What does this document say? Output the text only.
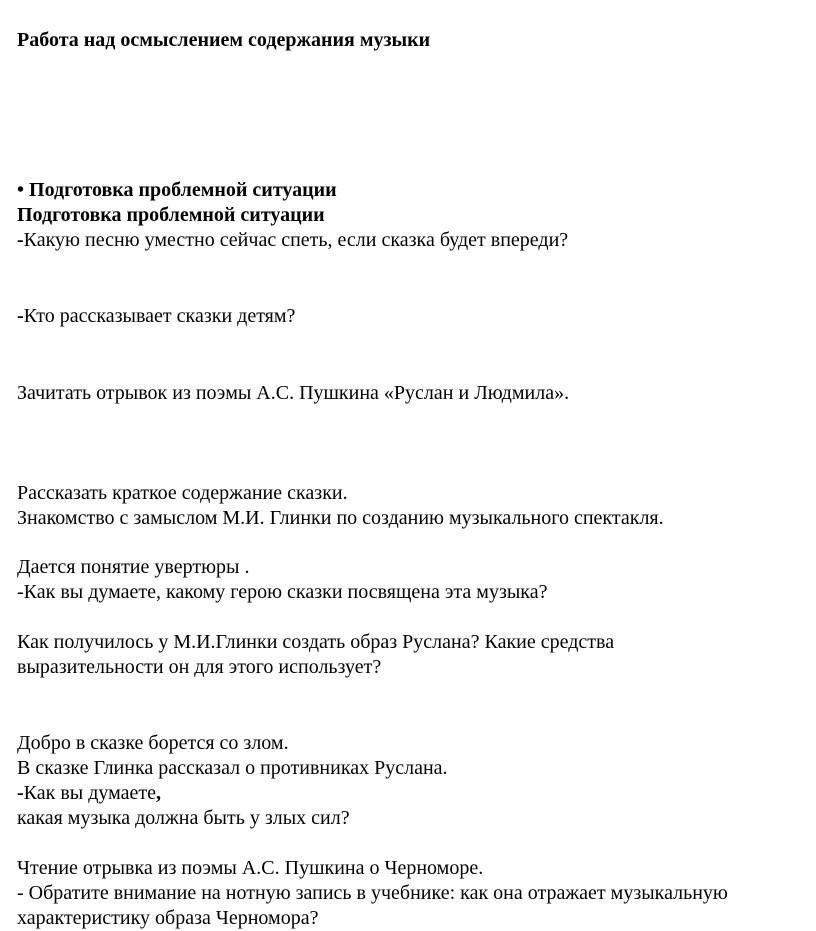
Работа над осмыслением содержания музыки
• Подготовка проблемной ситуации
Подготовка проблемной ситуации
-Какую песню уместно сейчас спеть, если сказка будет впереди?
-Кто рассказывает сказки детям?
Зачитать отрывок из поэмы А.С. Пушкина «Руслан и Людмила».
Рассказать краткое содержание сказки.
Знакомство с замыслом М.И. Глинки по созданию музыкального спектакля.
Дается понятие увертюры .
-Как вы думаете, какому герою сказки посвящена эта музыка?
Как получилось у М.И.Глинки создать образ Руслана? Какие средства
выразительности он для этого использует?
Добро в сказке борется со злом.
В сказке Глинка рассказал о противниках Руслана.
-Как вы думаете,
какая музыка должна быть у злых сил?
Чтение отрывка из поэмы А.С. Пушкина о Черноморе.
- Обратите внимание на нотную запись в учебнике: как она отражает музыкальную
характеристику образа Черномора?
